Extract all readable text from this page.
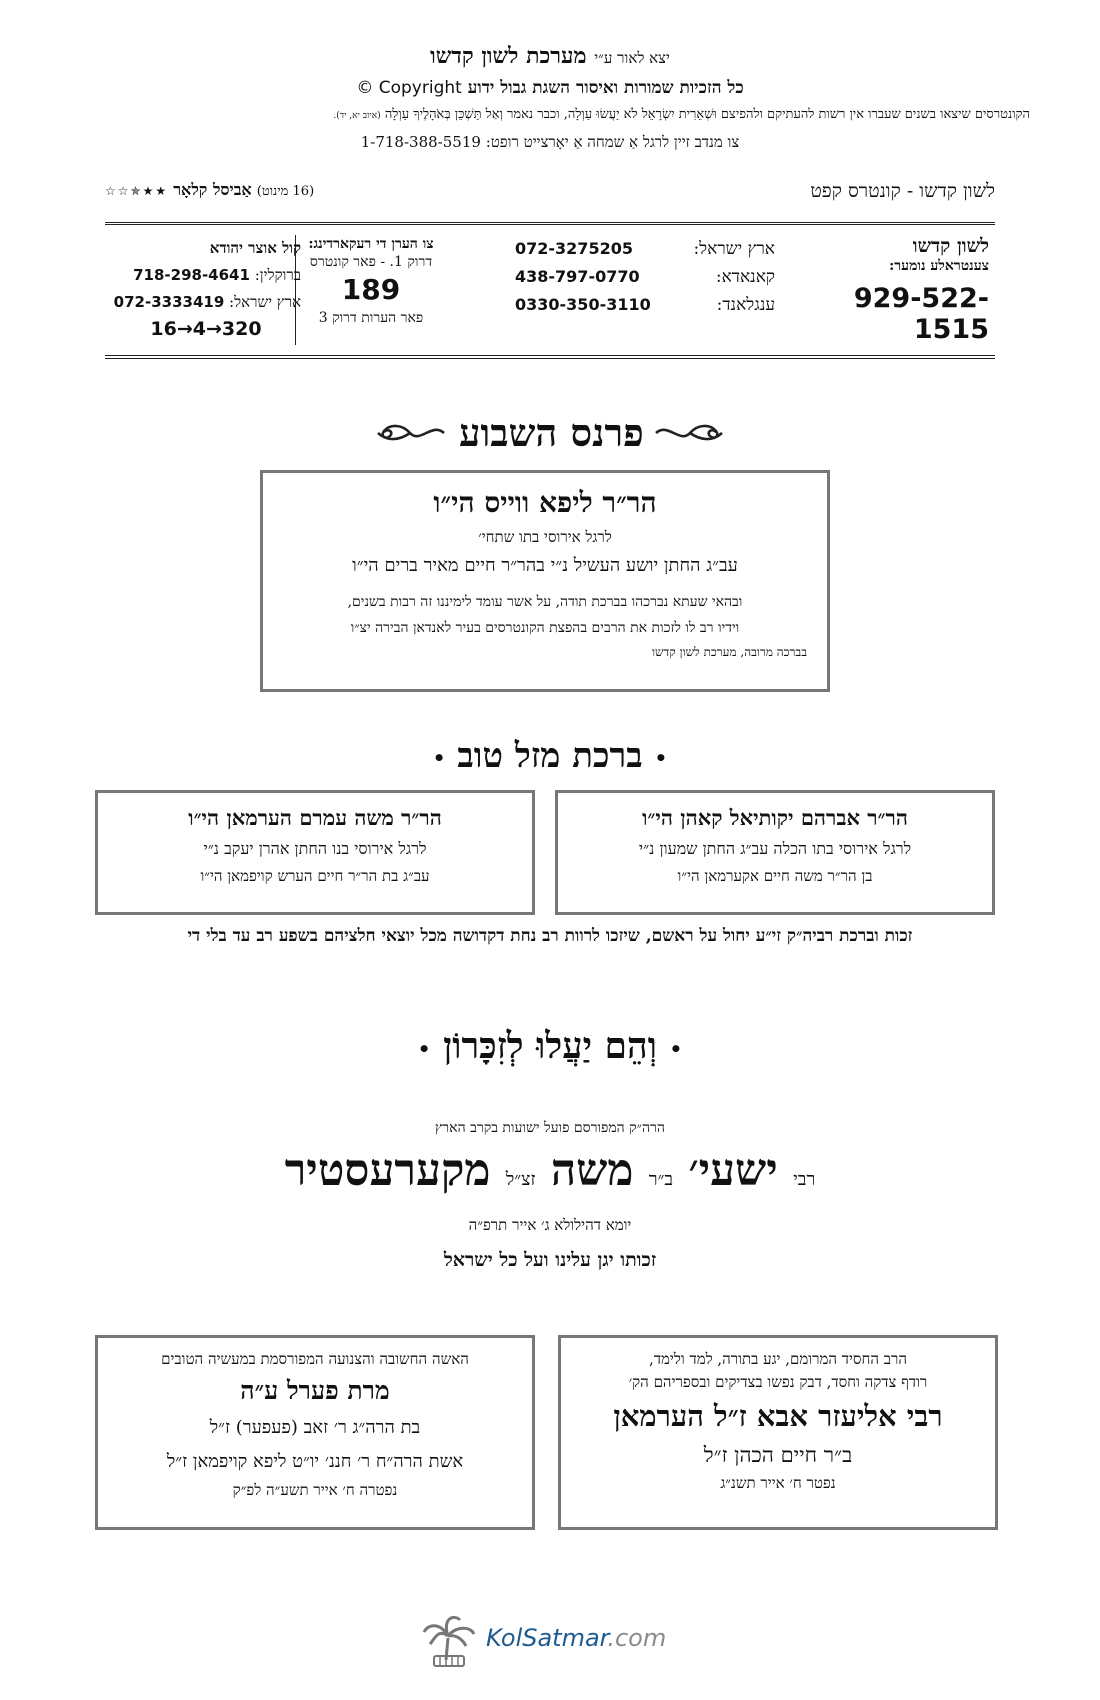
יצא לאור ע״י מערכת לשון קדשו
כל הזכיות שמורות ואיסור השגת גבול ידוע Copyright ©
הקונטרסים שיצאו בשנים שעברו אין רשות להעתיקם ולהפיצם וּשְׁאֵרִית יִשְׂרָאֵל לֹא יַעֲשׂוּ עַוְלָה, וכבר נאמר וְאַל תַּשְׁכֵּן בְּאֹהָלֶיךָ עַוְלָה (איוב יא, יד).
צו מנדב זיין לרגל אַ שמחה אַ יאָרצייט רופט: 1-718-388-5519
לשון קדשו - קונטרס קפט
(16 מינוט) אַביסל קלאָר ★★✯☆☆
לשון קדשו
צענטראלע נומער:
929-522-1515
ארץ ישראל:
072-3275205
קאנאדא:
438-797-0770
ענגלאנד:
0330-350-3110
צו הערן די רעקארדינג:
דרוק 1. - פאר קונטרס
189
פאר הערות דרוק 3
קול אוצר יהודא
ברוקלין: 718-298-4641
ארץ ישראל: 072-3333419
16→4→320
פרנס השבוע
הר״ר ליפא ווייס הי״ו
לרגל אירוסי בתו שתחי׳
עב״ג החתן יושע העשיל נ״י בהר״ר חיים מאיר ברים הי״ו
ובהאי שעתא נברכהו בברכת תודה, על אשר עומד לימיננו זה רבות בשנים,
וידיו רב לו לזכות את הרבים בהפצת הקונטרסים בעיר לאנדאן הבירה יצ״ו
בברכה מרובה, מערכת לשון קדשו
• ברכת מזל טוב •
הר״ר אברהם יקותיאל קאהן הי״ו
לרגל אירוסי בתו הכלה עב״ג החתן שמעון נ״י
בן הר״ר משה חיים אקערמאן הי״ו
הר״ר משה עמרם הערמאן הי״ו
לרגל אירוסי בנו החתן אהרן יעקב נ״י
עב״ג בת הר״ר חיים הערש קויפמאן הי״ו
זכות וברכת רביה״ק זי״ע יחול על ראשם, שיזכו לרוות רב נחת דקדושה מכל יוצאי חלציהם בשפע רב עד בלי די
• וְהֵם יַעֲלוּ לְזִכָּרוֹן •
הרה״ק המפורסם פועל ישועות בקרב הארץ
רבי ישעי׳ ב״ר משה זצ״ל מקערעסטיר
יומא דהילולא ג׳ אייר תרפ״ה
זכותו יגן עלינו ועל כל ישראל
הרב החסיד המרומם, יגע בתורה, למד ולימד,
רודף צדקה וחסד, דבק נפשו בצדיקים ובספריהם הק׳
רבי אליעזר אבא ז״ל הערמאן
ב״ר חיים הכהן ז״ל
נפטר ח׳ אייר תשנ״ג
האשה החשובה והצנועה המפורסמת במעשיה הטובים
מרת פערל ע״ה
בת הרה״ג ר׳ זאב (פעפער) ז״ל
אשת הרה״ח ר׳ חננ׳ יו״ט ליפא קויפמאן ז״ל
נפטרה ח׳ אייר תשע״ה לפ״ק
KolSatmar.com
